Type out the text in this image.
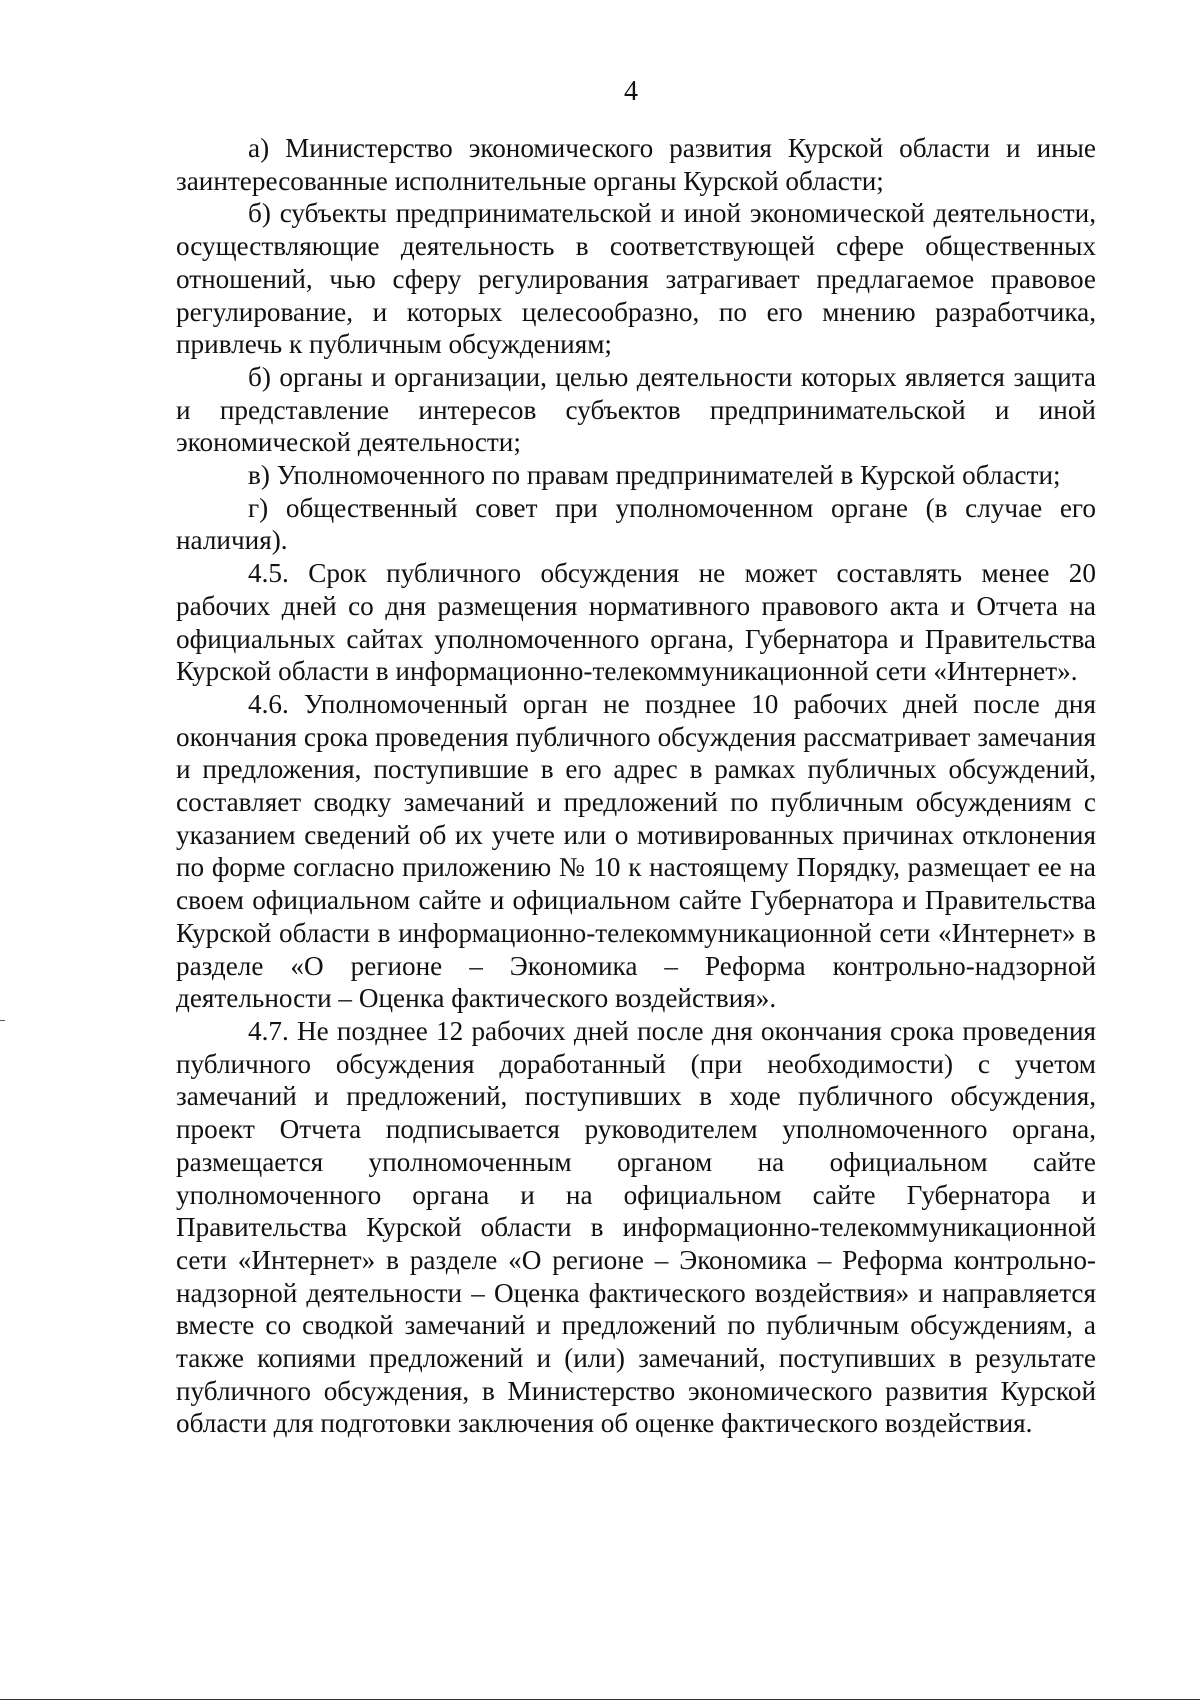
4

а) Министерство экономического развития Курской области и иные заинтересованные исполнительные органы Курской области;

б) субъекты предпринимательской и иной экономической деятельности, осуществляющие деятельность в соответствующей сфере общественных отношений, чью сферу регулирования затрагивает предлагаемое правовое регулирование, и которых целесообразно, по его мнению разработчика, привлечь к публичным обсуждениям;

б) органы и организации, целью деятельности которых является защита и представление интересов субъектов предпринимательской и иной экономической деятельности;

в) Уполномоченного по правам предпринимателей в Курской области;

г) общественный совет при уполномоченном органе (в случае его наличия).

4.5. Срок публичного обсуждения не может составлять менее 20 рабочих дней со дня размещения нормативного правового акта и Отчета на официальных сайтах уполномоченного органа, Губернатора и Правительства Курской области в информационно-телекоммуникационной сети «Интернет».

4.6. Уполномоченный орган не позднее 10 рабочих дней после дня окончания срока проведения публичного обсуждения рассматривает замечания и предложения, поступившие в его адрес в рамках публичных обсуждений, составляет сводку замечаний и предложений по публичным обсуждениям с указанием сведений об их учете или о мотивированных причинах отклонения по форме согласно приложению № 10 к настоящему Порядку, размещает ее на своем официальном сайте и официальном сайте Губернатора и Правительства Курской области в информационно-телекоммуникационной сети «Интернет» в разделе «О регионе – Экономика – Реформа контрольно-надзорной деятельности – Оценка фактического воздействия».

4.7. Не позднее 12 рабочих дней после дня окончания срока проведения публичного обсуждения доработанный (при необходимости) с учетом замечаний и предложений, поступивших в ходе публичного обсуждения, проект Отчета подписывается руководителем уполномоченного органа, размещается уполномоченным органом на официальном сайте уполномоченного органа и на официальном сайте Губернатора и Правительства Курской области в информационно-телекоммуникационной сети «Интернет» в разделе «О регионе – Экономика – Реформа контрольно-надзорной деятельности – Оценка фактического воздействия» и направляется вместе со сводкой замечаний и предложений по публичным обсуждениям, а также копиями предложений и (или) замечаний, поступивших в результате публичного обсуждения, в Министерство экономического развития Курской области для подготовки заключения об оценке фактического воздействия.
